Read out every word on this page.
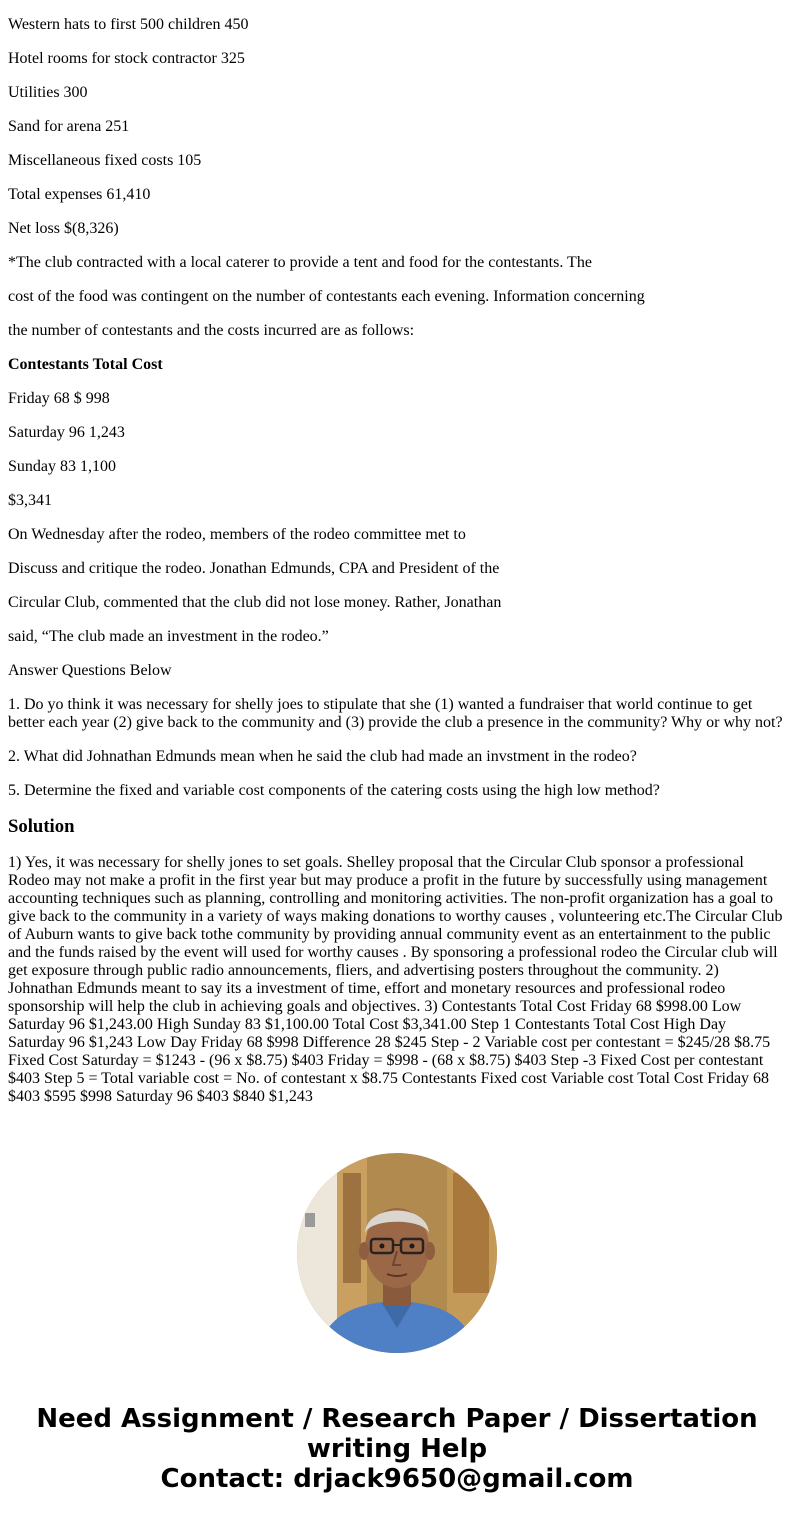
Western hats to first 500 children 450

Hotel rooms for stock contractor 325

Utilities 300

Sand for arena 251

Miscellaneous fixed costs 105

Total expenses 61,410

Net loss $(8,326)

*The club contracted with a local caterer to provide a tent and food for the contestants. The

cost of the food was contingent on the number of contestants each evening. Information concerning

the number of contestants and the costs incurred are as follows:

Contestants Total Cost

Friday 68 $ 998

Saturday 96 1,243

Sunday 83 1,100

$3,341

On Wednesday after the rodeo, members of the rodeo committee met to

Discuss and critique the rodeo. Jonathan Edmunds, CPA and President of the

Circular Club, commented that the club did not lose money. Rather, Jonathan

said, “The club made an investment in the rodeo.”

Answer Questions Below

1. Do yo think it was necessary for shelly joes to stipulate that she (1) wanted a fundraiser that world continue to get better each year (2) give back to the community and (3) provide the club a presence in the community? Why or why not?

2. What did Johnathan Edmunds mean when he said the club had made an invstment in the rodeo?

5. Determine the fixed and variable cost components of the catering costs using the high low method?

Solution

1) Yes, it was necessary for shelly jones to set goals. Shelley proposal that the Circular Club sponsor a professional Rodeo may not make a profit in the first year but may produce a profit in the future by successfully using management accounting techniques such as planning, controlling and monitoring activities. The non-profit organization has a goal to give back to the community in a variety of ways making donations to worthy causes , volunteering etc.The Circular Club of Auburn wants to give back tothe community by providing annual community event as an entertainment to the public and the funds raised by the event will used for worthy causes . By sponsoring a professional rodeo the Circular club will get exposure through public radio announcements, fliers, and advertising posters throughout the community. 2) Johnathan Edmunds meant to say its a investment of time, effort and monetary resources and professional rodeo sponsorship will help the club in achieving goals and objectives. 3) Contestants Total Cost Friday 68 $998.00 Low Saturday 96 $1,243.00 High Sunday 83 $1,100.00 Total Cost $3,341.00 Step 1 Contestants Total Cost High Day Saturday 96 $1,243 Low Day Friday 68 $998 Difference 28 $245 Step - 2 Variable cost per contestant = $245/28 $8.75 Fixed Cost Saturday = $1243 - (96 x $8.75) $403 Friday = $998 - (68 x $8.75) $403 Step -3 Fixed Cost per contestant $403 Step 5 = Total variable cost = No. of contestant x $8.75 Contestants Fixed cost Variable cost Total Cost Friday 68 $403 $595 $998 Saturday 96 $403 $840 $1,243

Need Assignment / Research Paper / Dissertation
writing Help
Contact: drjack9650@gmail.com
